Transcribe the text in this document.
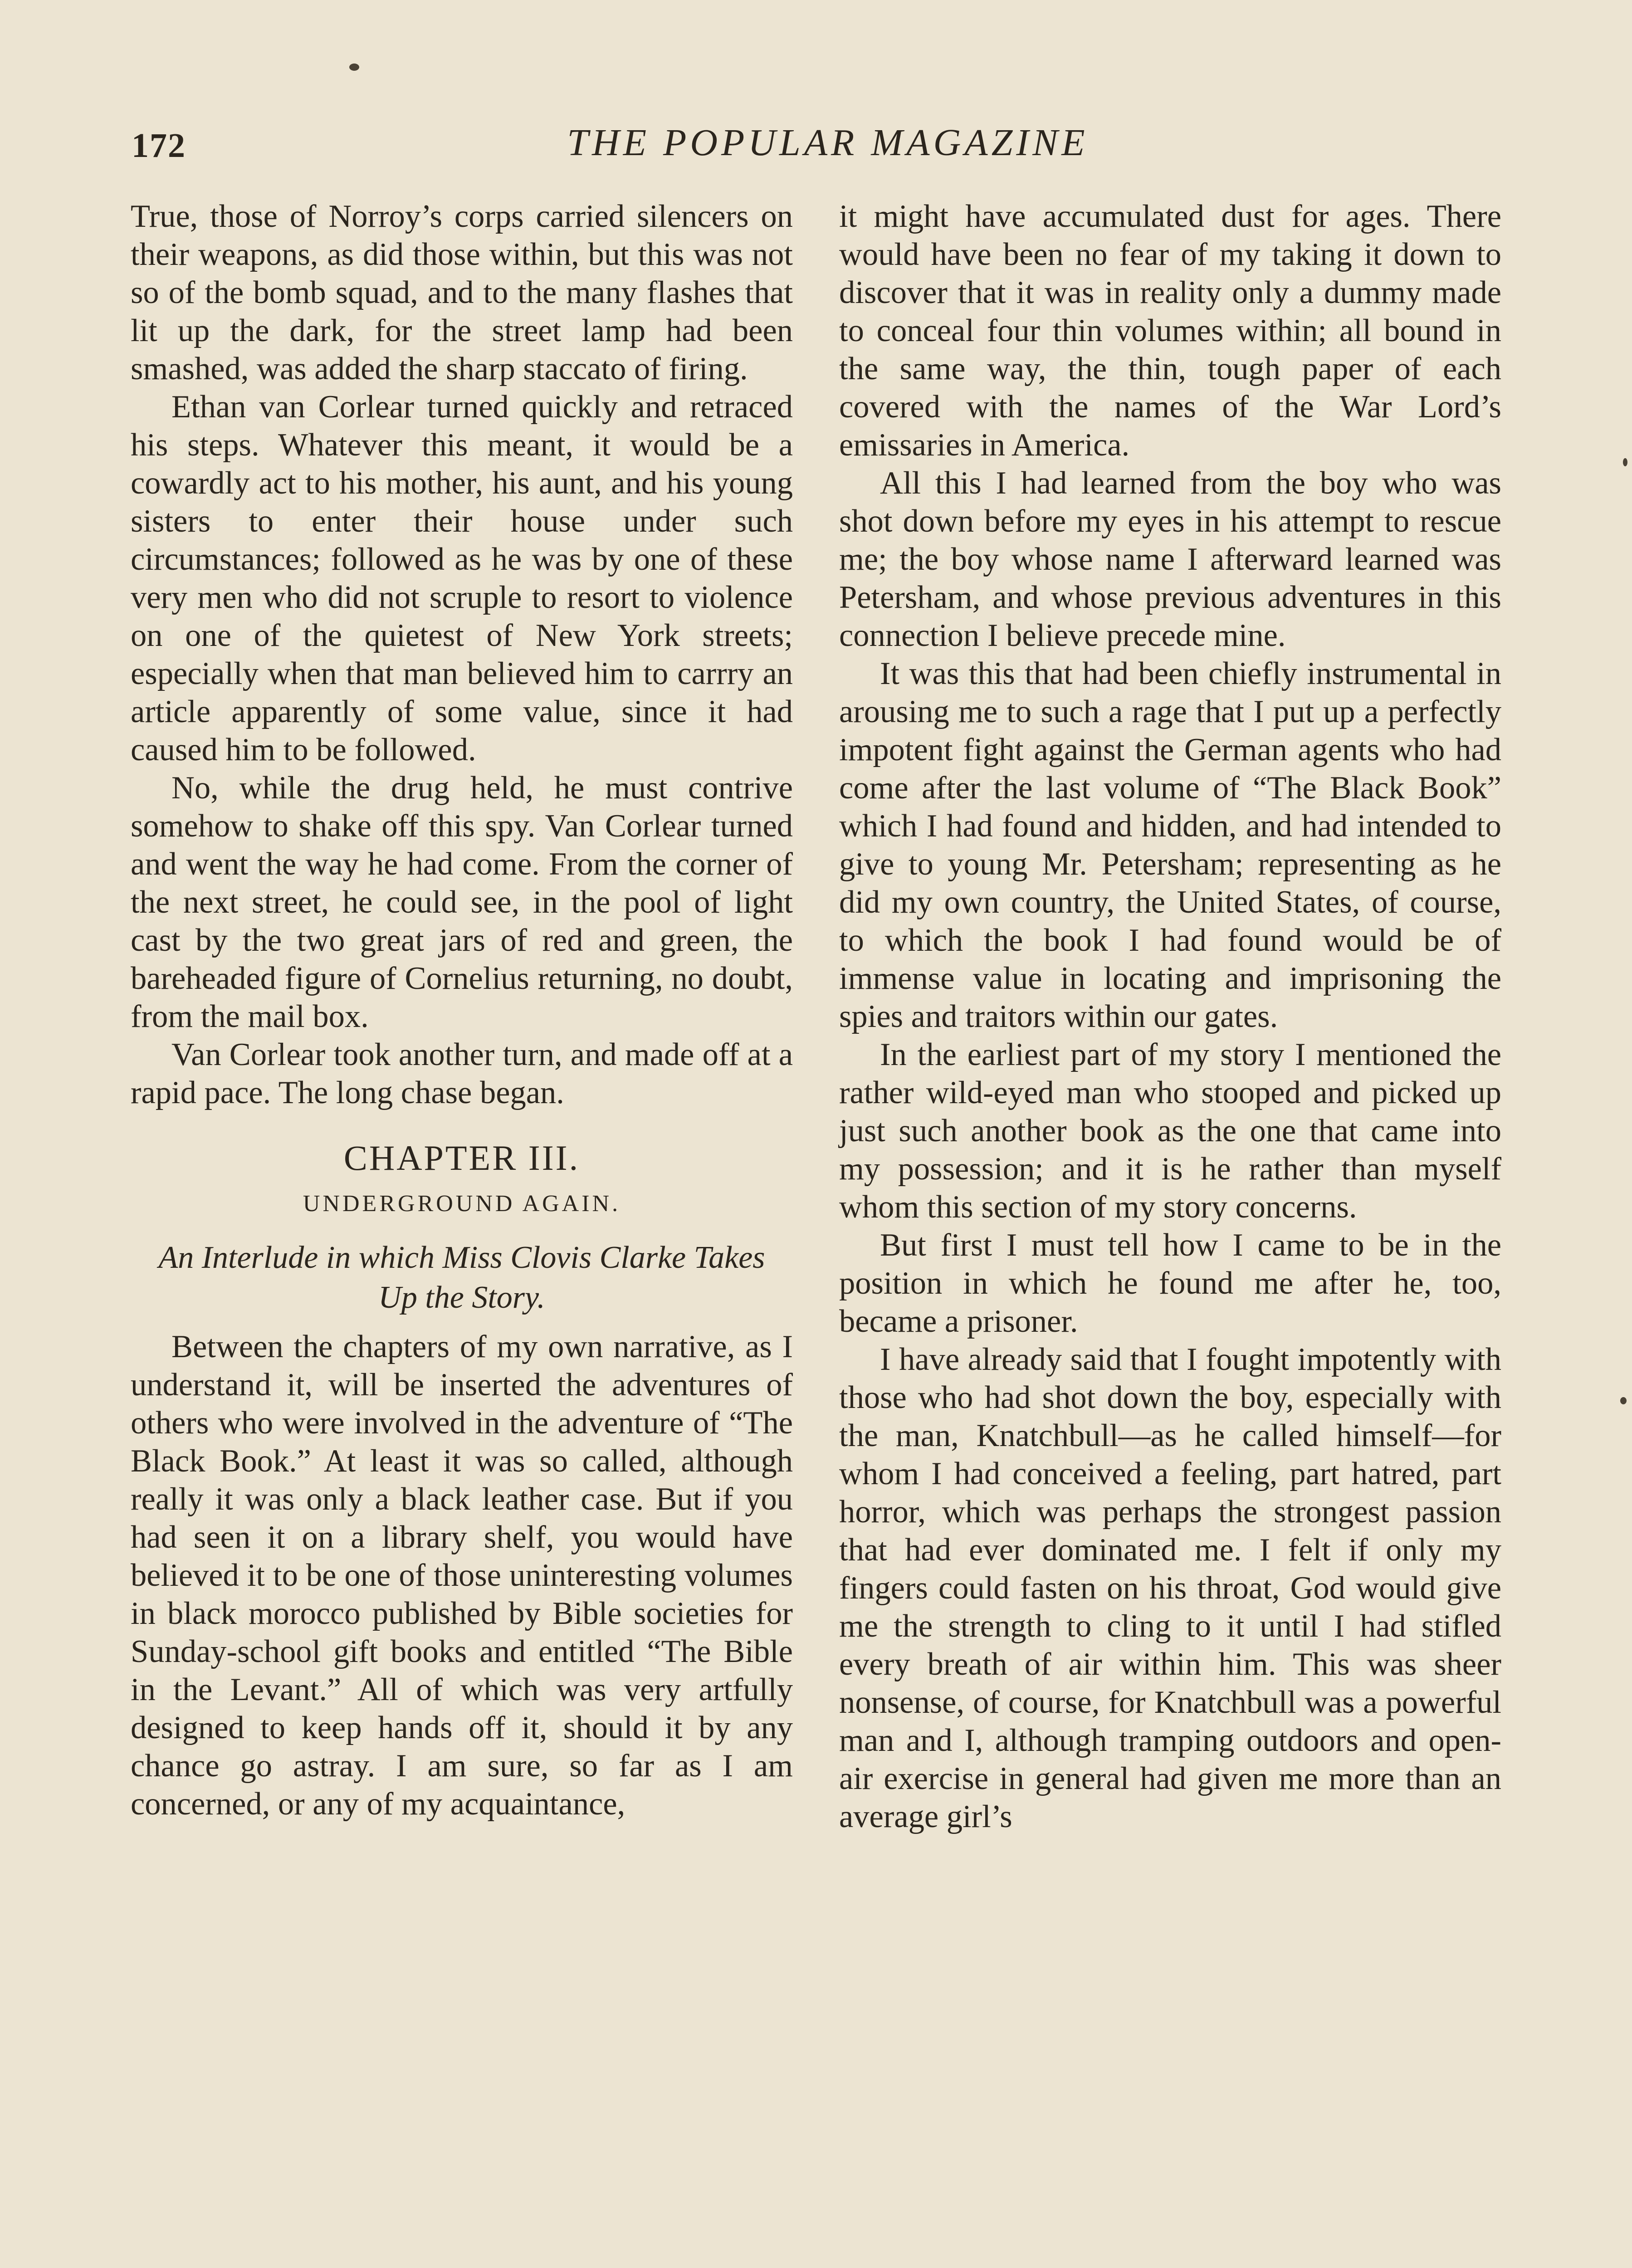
172	THE POPULAR MAGAZINE

True, those of Norroy’s corps carried silencers on their weapons, as did those within, but this was not so of the bomb squad, and to the many flashes that lit up the dark, for the street lamp had been smashed, was added the sharp staccato of firing.

Ethan van Corlear turned quickly and retraced his steps. Whatever this meant, it would be a cowardly act to his mother, his aunt, and his young sisters to enter their house under such circumstances; followed as he was by one of these very men who did not scruple to resort to violence on one of the quietest of New York streets; especially when that man believed him to carrry an article apparently of some value, since it had caused him to be followed.

No, while the drug held, he must contrive somehow to shake off this spy. Van Corlear turned and went the way he had come. From the corner of the next street, he could see, in the pool of light cast by the two great jars of red and green, the bareheaded figure of Cornelius returning, no doubt, from the mail box.

Van Corlear took another turn, and made off at a rapid pace. The long chase began.

CHAPTER III.
UNDERGROUND AGAIN.
An Interlude in which Miss Clovis Clarke Takes Up the Story.

Between the chapters of my own narrative, as I understand it, will be inserted the adventures of others who were involved in the adventure of “The Black Book.” At least it was so called, although really it was only a black leather case. But if you had seen it on a library shelf, you would have believed it to be one of those uninteresting volumes in black morocco published by Bible societies for Sunday-school gift books and entitled “The Bible in the Levant.” All of which was very artfully designed to keep hands off it, should it by any chance go astray. I am sure, so far as I am concerned, or any of my acquaintance,

it might have accumulated dust for ages. There would have been no fear of my taking it down to discover that it was in reality only a dummy made to conceal four thin volumes within; all bound in the same way, the thin, tough paper of each covered with the names of the War Lord’s emissaries in America.

All this I had learned from the boy who was shot down before my eyes in his attempt to rescue me; the boy whose name I afterward learned was Petersham, and whose previous adventures in this connection I believe precede mine.

It was this that had been chiefly instrumental in arousing me to such a rage that I put up a perfectly impotent fight against the German agents who had come after the last volume of “The Black Book” which I had found and hidden, and had intended to give to young Mr. Petersham; representing as he did my own country, the United States, of course, to which the book I had found would be of immense value in locating and imprisoning the spies and traitors within our gates.

In the earliest part of my story I mentioned the rather wild-eyed man who stooped and picked up just such another book as the one that came into my possession; and it is he rather than myself whom this section of my story concerns.

But first I must tell how I came to be in the position in which he found me after he, too, became a prisoner.

I have already said that I fought impotently with those who had shot down the boy, especially with the man, Knatchbull—as he called himself—for whom I had conceived a feeling, part hatred, part horror, which was perhaps the strongest passion that had ever dominated me. I felt if only my fingers could fasten on his throat, God would give me the strength to cling to it until I had stifled every breath of air within him. This was sheer nonsense, of course, for Knatchbull was a powerful man and I, although tramping outdoors and open-air exercise in general had given me more than an average girl’s
